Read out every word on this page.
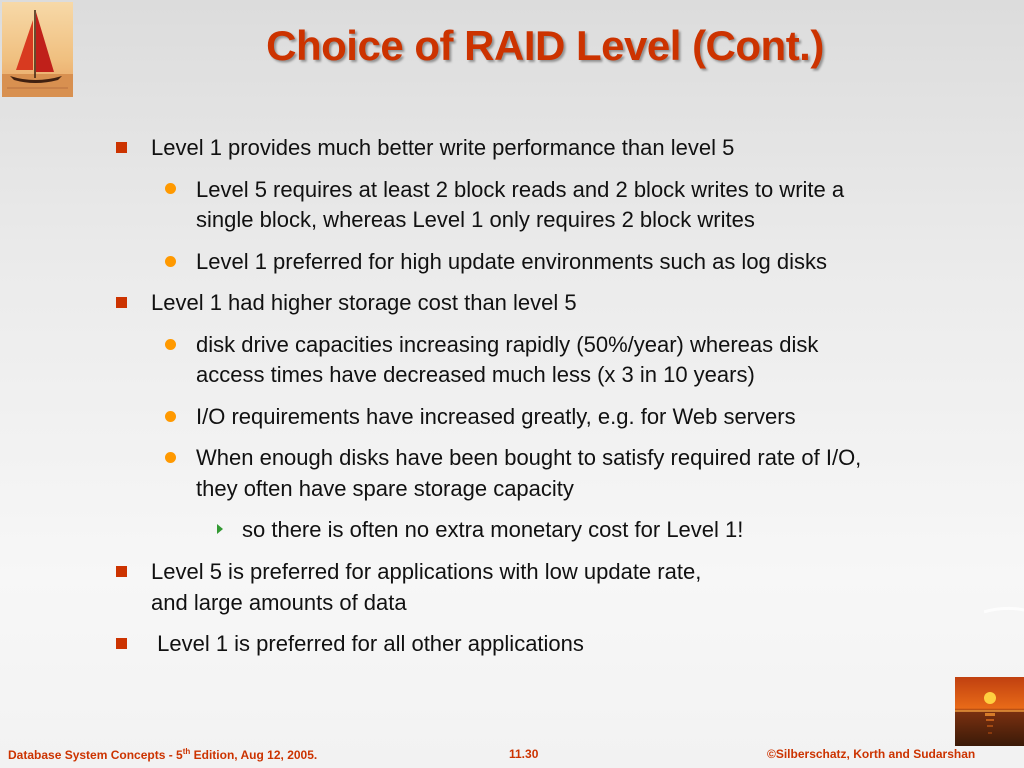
Choice of RAID Level (Cont.)
Level 1 provides much better write performance than level 5
Level 5 requires at least 2 block reads and 2 block writes to write a
single block, whereas Level 1 only requires 2 block writes
Level 1 preferred for high update environments such as log disks
Level 1 had higher storage cost than level 5
disk drive capacities increasing rapidly (50%/year) whereas disk
access times have decreased much less (x 3 in 10 years)
I/O requirements have increased greatly, e.g. for Web servers
When enough disks have been bought to satisfy required rate of I/O,
they often have spare storage capacity
so there is often no extra monetary cost for Level 1!
Level 5 is preferred for applications with low update rate,
and large amounts of data
Level 1 is preferred for all other applications
Database System Concepts - 5th Edition, Aug 12, 2005.	11.30	©Silberschatz, Korth and Sudarshan
